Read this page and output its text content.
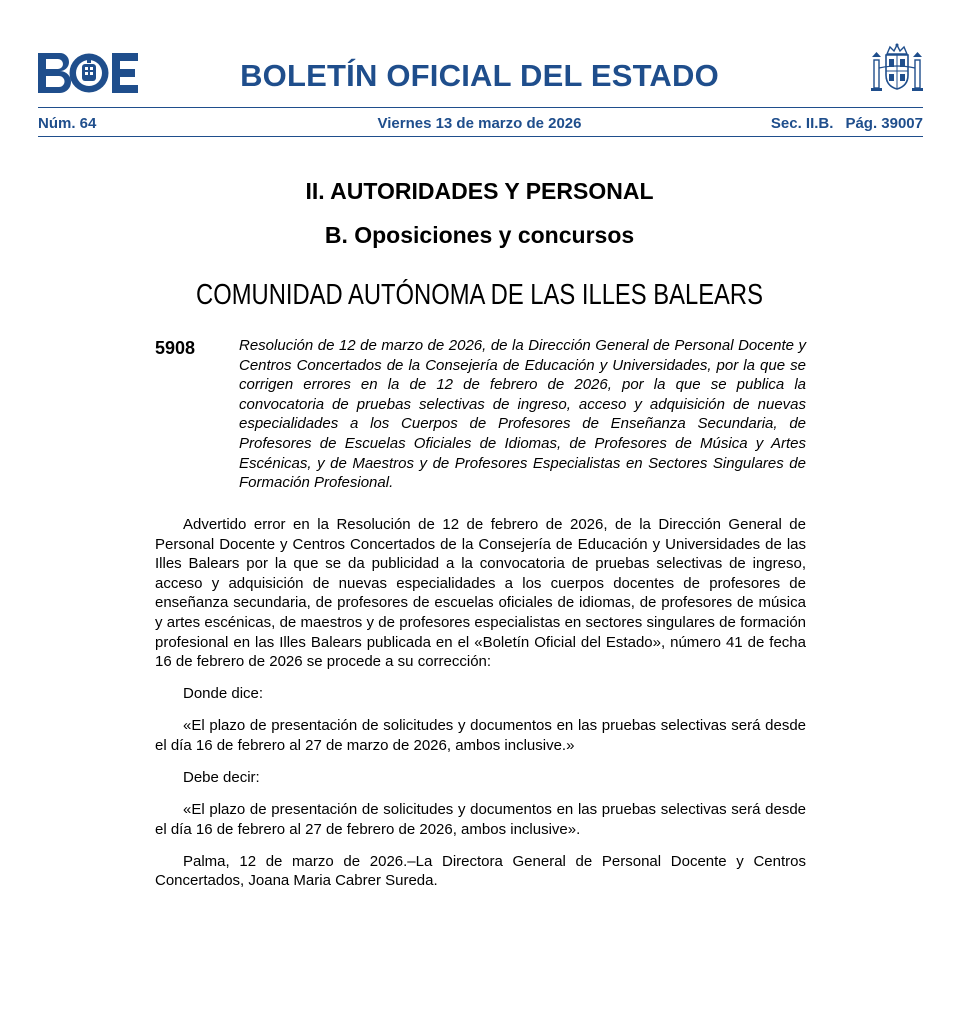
BOLETÍN OFICIAL DEL ESTADO
Núm. 64	Viernes 13 de marzo de 2026	Sec. II.B. Pág. 39007
II. AUTORIDADES Y PERSONAL
B. Oposiciones y concursos
COMUNIDAD AUTÓNOMA DE LAS ILLES BALEARS
5908	Resolución de 12 de marzo de 2026, de la Dirección General de Personal Docente y Centros Concertados de la Consejería de Educación y Universidades, por la que se corrigen errores en la de 12 de febrero de 2026, por la que se publica la convocatoria de pruebas selectivas de ingreso, acceso y adquisición de nuevas especialidades a los Cuerpos de Profesores de Enseñanza Secundaria, de Profesores de Escuelas Oficiales de Idiomas, de Profesores de Música y Artes Escénicas, y de Maestros y de Profesores Especialistas en Sectores Singulares de Formación Profesional.

Advertido error en la Resolución de 12 de febrero de 2026, de la Dirección General de Personal Docente y Centros Concertados de la Consejería de Educación y Universidades de las Illes Balears por la que se da publicidad a la convocatoria de pruebas selectivas de ingreso, acceso y adquisición de nuevas especialidades a los cuerpos docentes de profesores de enseñanza secundaria, de profesores de escuelas oficiales de idiomas, de profesores de música y artes escénicas, de maestros y de profesores especialistas en sectores singulares de formación profesional en las Illes Balears publicada en el «Boletín Oficial del Estado», número 41 de fecha 16 de febrero de 2026 se procede a su corrección:

Donde dice:

«El plazo de presentación de solicitudes y documentos en las pruebas selectivas será desde el día 16 de febrero al 27 de marzo de 2026, ambos inclusive.»

Debe decir:

«El plazo de presentación de solicitudes y documentos en las pruebas selectivas será desde el día 16 de febrero al 27 de febrero de 2026, ambos inclusive».

Palma, 12 de marzo de 2026.–La Directora General de Personal Docente y Centros Concertados, Joana Maria Cabrer Sureda.
